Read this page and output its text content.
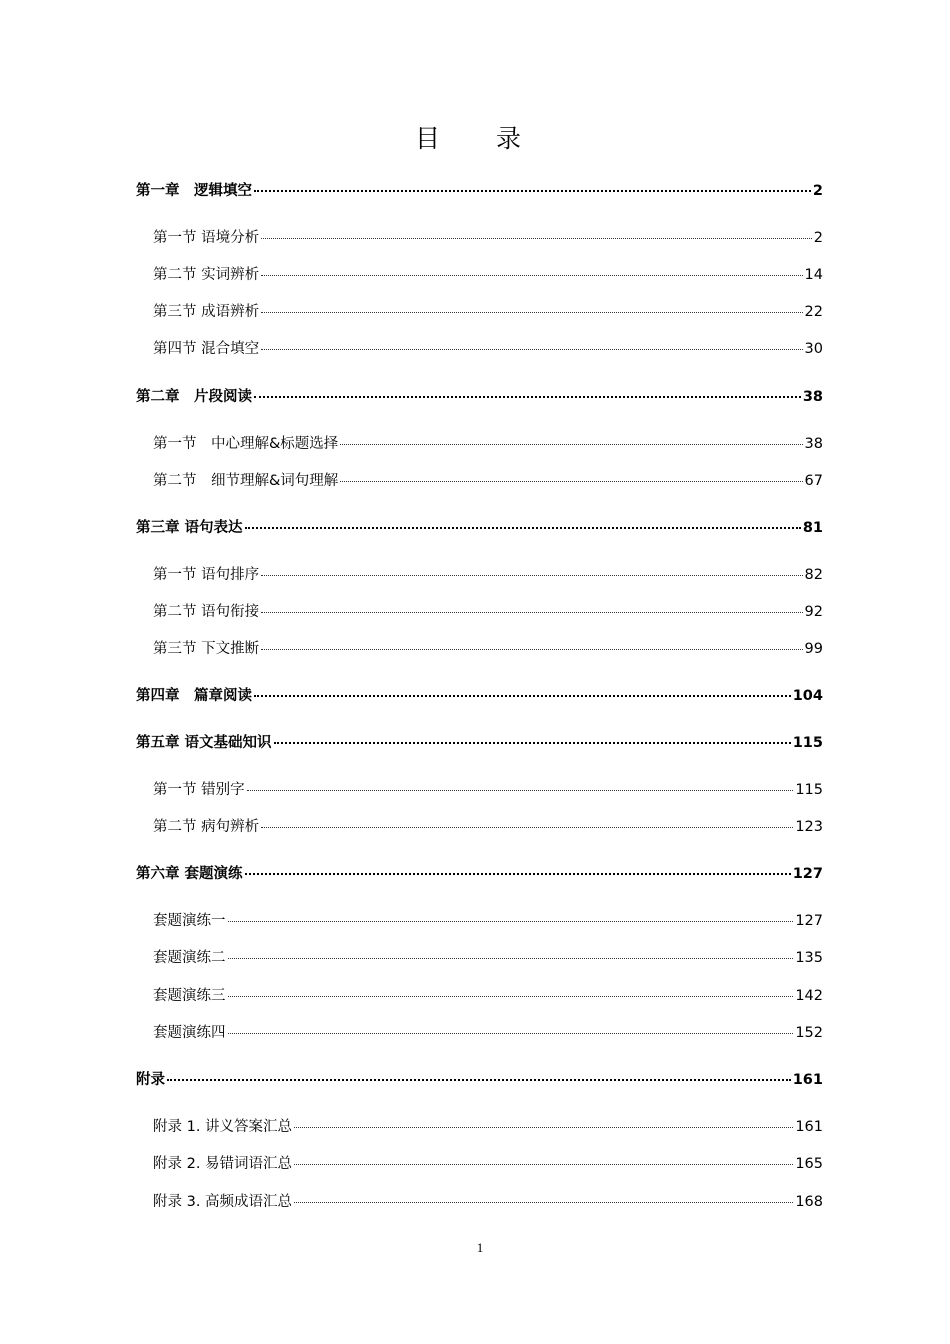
目 录
第一章　逻辑填空	2
第一节 语境分析	2
第二节 实词辨析	14
第三节 成语辨析	22
第四节 混合填空	30
第二章　片段阅读	38
第一节　中心理解&标题选择	38
第二节　细节理解&词句理解	67
第三章 语句表达	81
第一节 语句排序	82
第二节 语句衔接	92
第三节 下文推断	99
第四章　篇章阅读	104
第五章 语文基础知识	115
第一节 错别字	115
第二节 病句辨析	123
第六章 套题演练	127
套题演练一	127
套题演练二	135
套题演练三	142
套题演练四	152
附录	161
附录 1. 讲义答案汇总	161
附录 2. 易错词语汇总	165
附录 3. 高频成语汇总	168
1
